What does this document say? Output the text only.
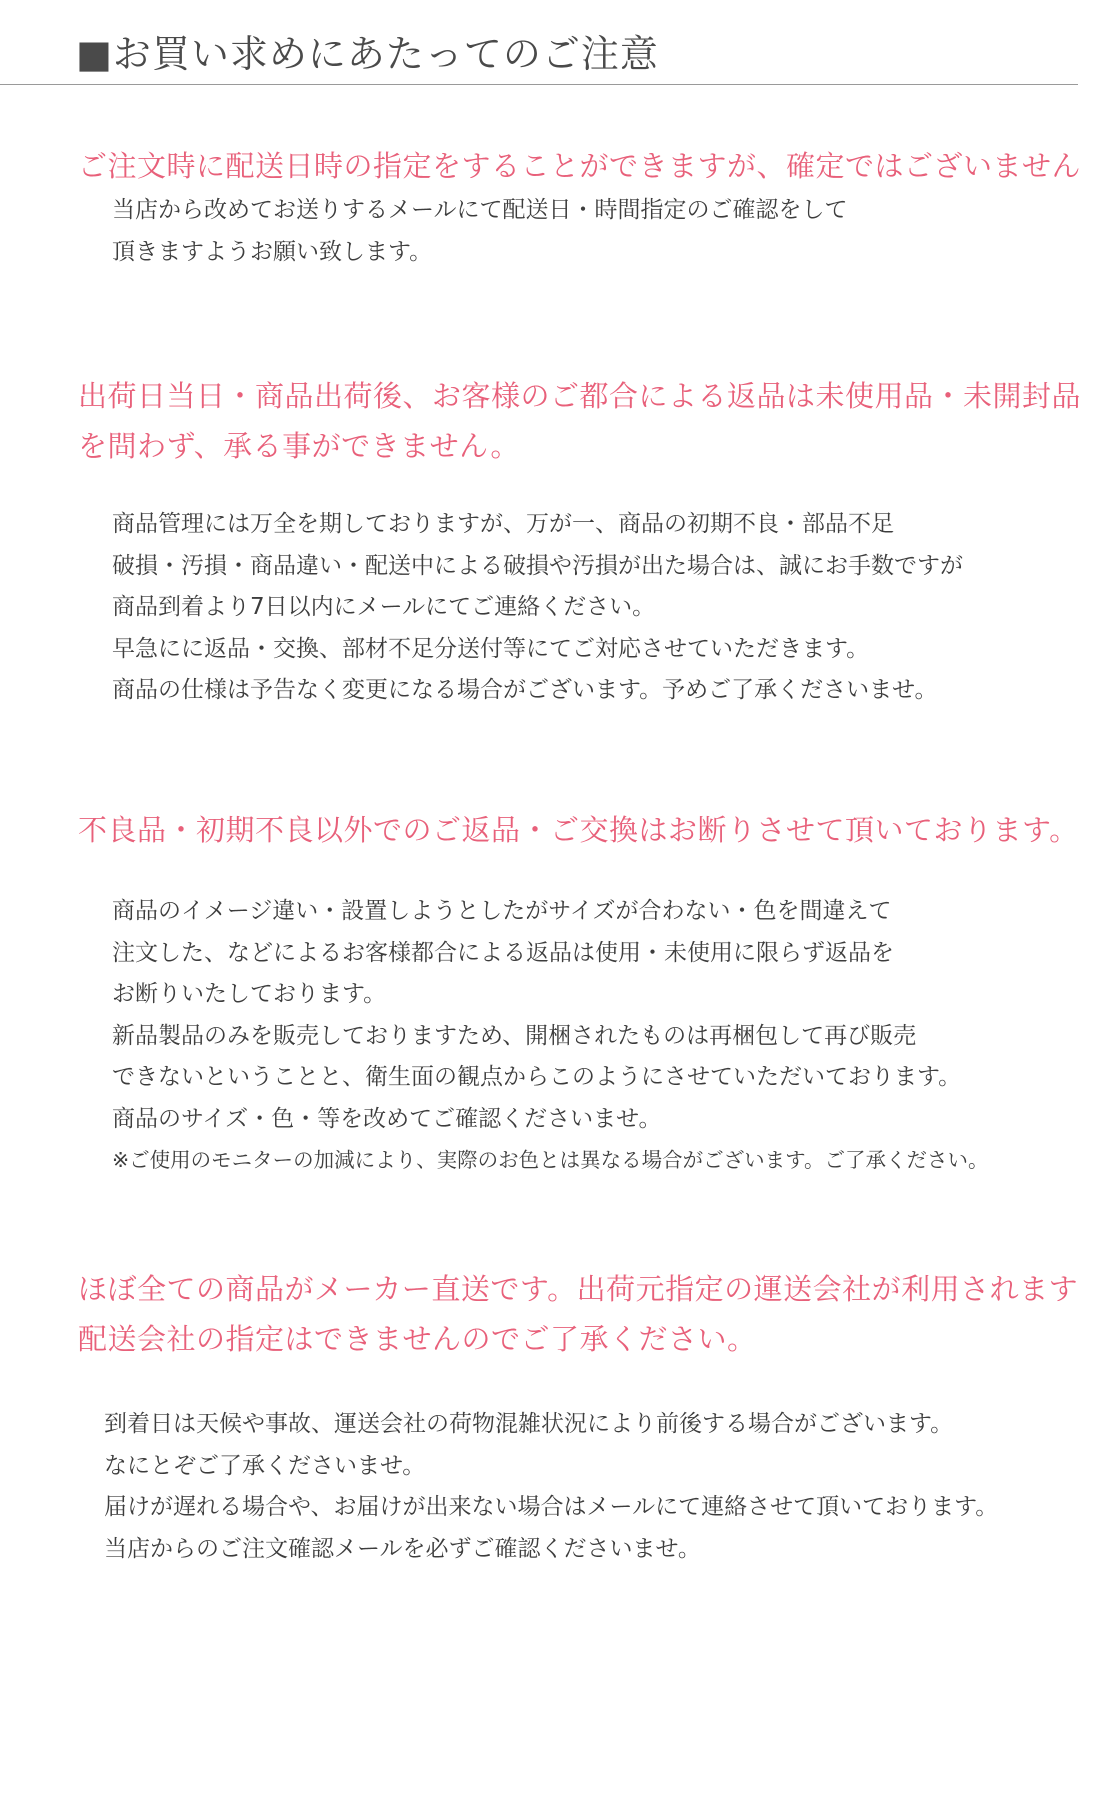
■お買い求めにあたってのご注意
ご注文時に配送日時の指定をすることができますが、確定ではございません
当店から改めてお送りするメールにて配送日・時間指定のご確認をして
頂きますようお願い致します。
出荷日当日・商品出荷後、お客様のご都合による返品は未使用品・未開封品
を問わず、承る事ができません。
商品管理には万全を期しておりますが、万が一、商品の初期不良・部品不足
破損・汚損・商品違い・配送中による破損や汚損が出た場合は、誠にお手数ですが
商品到着より7日以内にメールにてご連絡ください。
早急にに返品・交換、部材不足分送付等にてご対応させていただきます。
商品の仕様は予告なく変更になる場合がございます。予めご了承くださいませ。
不良品・初期不良以外でのご返品・ご交換はお断りさせて頂いております。
商品のイメージ違い・設置しようとしたがサイズが合わない・色を間違えて
注文した、などによるお客様都合による返品は使用・未使用に限らず返品を
お断りいたしております。
新品製品のみを販売しておりますため、開梱されたものは再梱包して再び販売
できないということと、衛生面の観点からこのようにさせていただいております。
商品のサイズ・色・等を改めてご確認くださいませ。
※ご使用のモニターの加減により、実際のお色とは異なる場合がございます。ご了承ください。
ほぼ全ての商品がメーカー直送です。出荷元指定の運送会社が利用されます
配送会社の指定はできませんのでご了承ください。
到着日は天候や事故、運送会社の荷物混雑状況により前後する場合がございます。
なにとぞご了承くださいませ。
届けが遅れる場合や、お届けが出来ない場合はメールにて連絡させて頂いております。
当店からのご注文確認メールを必ずご確認くださいませ。
